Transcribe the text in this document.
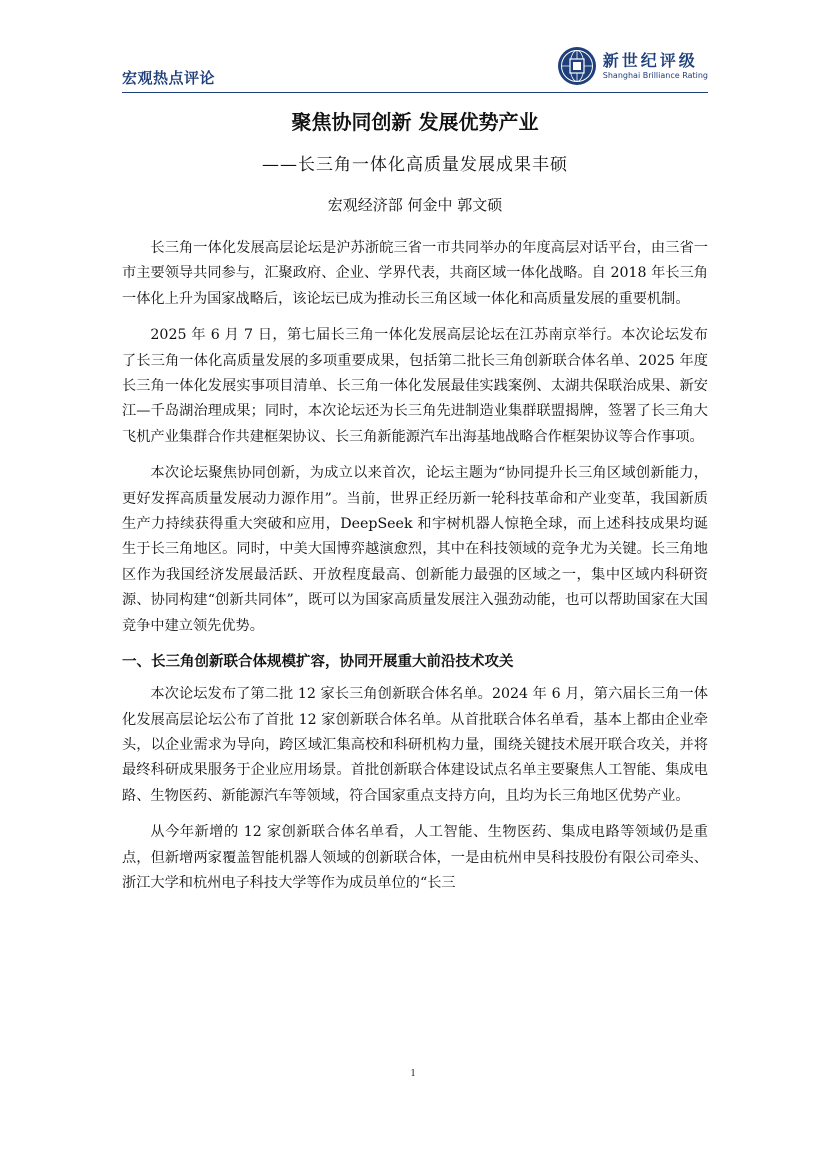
宏观热点评论
新世纪评级
Shanghai Brilliance Rating
聚焦协同创新 发展优势产业
——长三角一体化高质量发展成果丰硕
宏观经济部 何金中 郭文硕

长三角一体化发展高层论坛是沪苏浙皖三省一市共同举办的年度高层对话平台，由三省一市主要领导共同参与，汇聚政府、企业、学界代表，共商区域一体化战略。自 2018 年长三角一体化上升为国家战略后，该论坛已成为推动长三角区域一体化和高质量发展的重要机制。

2025 年 6 月 7 日，第七届长三角一体化发展高层论坛在江苏南京举行。本次论坛发布了长三角一体化高质量发展的多项重要成果，包括第二批长三角创新联合体名单、2025 年度长三角一体化发展实事项目清单、长三角一体化发展最佳实践案例、太湖共保联治成果、新安江—千岛湖治理成果；同时，本次论坛还为长三角先进制造业集群联盟揭牌，签署了长三角大飞机产业集群合作共建框架协议、长三角新能源汽车出海基地战略合作框架协议等合作事项。

本次论坛聚焦协同创新，为成立以来首次，论坛主题为“协同提升长三角区域创新能力，更好发挥高质量发展动力源作用”。当前，世界正经历新一轮科技革命和产业变革，我国新质生产力持续获得重大突破和应用，DeepSeek 和宇树机器人惊艳全球，而上述科技成果均诞生于长三角地区。同时，中美大国博弈越演愈烈，其中在科技领域的竞争尤为关键。长三角地区作为我国经济发展最活跃、开放程度最高、创新能力最强的区域之一，集中区域内科研资源、协同构建“创新共同体”，既可以为国家高质量发展注入强劲动能，也可以帮助国家在大国竞争中建立领先优势。

一、长三角创新联合体规模扩容，协同开展重大前沿技术攻关

本次论坛发布了第二批 12 家长三角创新联合体名单。2024 年 6 月，第六届长三角一体化发展高层论坛公布了首批 12 家创新联合体名单。从首批联合体名单看，基本上都由企业牵头，以企业需求为导向，跨区域汇集高校和科研机构力量，围绕关键技术展开联合攻关，并将最终科研成果服务于企业应用场景。首批创新联合体建设试点名单主要聚焦人工智能、集成电路、生物医药、新能源汽车等领域，符合国家重点支持方向，且均为长三角地区优势产业。

从今年新增的 12 家创新联合体名单看，人工智能、生物医药、集成电路等领域仍是重点，但新增两家覆盖智能机器人领域的创新联合体，一是由杭州申昊科技股份有限公司牵头、浙江大学和杭州电子科技大学等作为成员单位的“长三

1
